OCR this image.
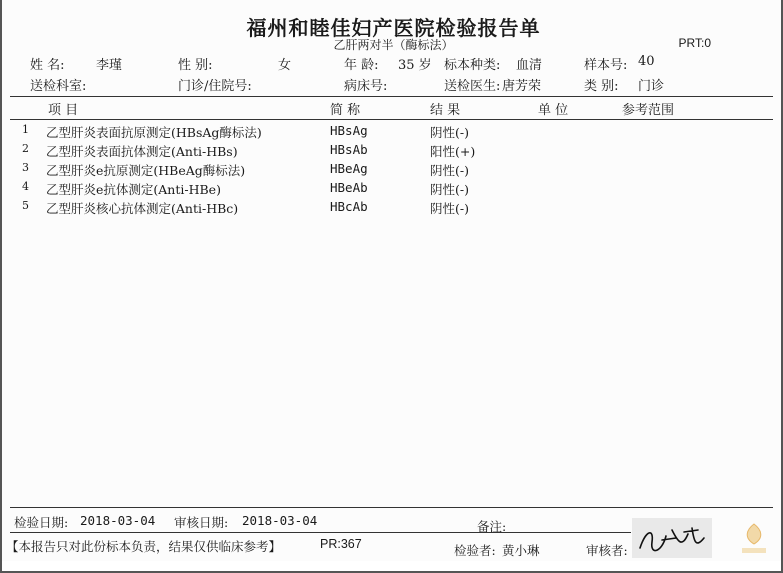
福州和睦佳妇产医院检验报告单
乙肝两对半（酶标法）	PRT:0
姓 名: 李瑾	性 别:	女	年 龄: 35 岁 标本种类: 血清	样本号: 40
送检科室:	门诊/住院号:	病床号:	送检医生: 唐芳荣	类 别: 门诊
项 目	简 称	结 果	单 位	参考范围
1 乙型肝炎表面抗原测定(HBsAg酶标法)	HBsAg	阴性(-)
2 乙型肝炎表面抗体测定(Anti-HBs)	HBsAb	阳性(+)
3 乙型肝炎e抗原测定(HBeAg酶标法)	HBeAg	阴性(-)
4 乙型肝炎e抗体测定(Anti-HBe)	HBeAb	阴性(-)
5 乙型肝炎核心抗体测定(Anti-HBc)	HBcAb	阴性(-)
检验日期: 2018-03-04 审核日期: 2018-03-04	备注:
【本报告只对此份标本负责，结果仅供临床参考】	PR:367	检验者: 黄小琳	审核者:
